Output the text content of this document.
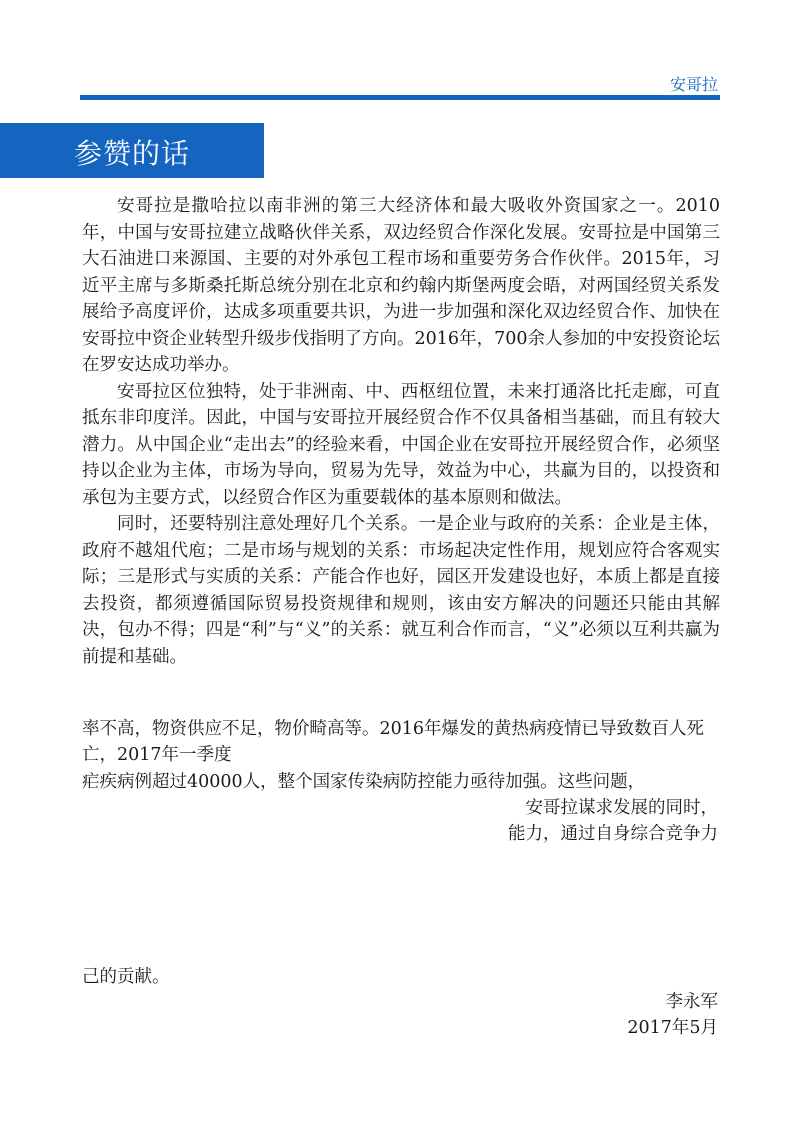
安哥拉
参赞的话

安哥拉是撒哈拉以南非洲的第三大经济体和最大吸收外资国家之一。2010年，中国与安哥拉建立战略伙伴关系，双边经贸合作深化发展。安哥拉是中国第三大石油进口来源国、主要的对外承包工程市场和重要劳务合作伙伴。2015年，习近平主席与多斯桑托斯总统分别在北京和约翰内斯堡两度会晤，对两国经贸关系发展给予高度评价，达成多项重要共识，为进一步加强和深化双边经贸合作、加快在安哥拉中资企业转型升级步伐指明了方向。2016年，700余人参加的中安投资论坛在罗安达成功举办。

安哥拉区位独特，处于非洲南、中、西枢纽位置，未来打通洛比托走廊，可直抵东非印度洋。因此，中国与安哥拉开展经贸合作不仅具备相当基础，而且有较大潜力。从中国企业“走出去”的经验来看，中国企业在安哥拉开展经贸合作，必须坚持以企业为主体，市场为导向，贸易为先导，效益为中心，共赢为目的，以投资和承包为主要方式，以经贸合作区为重要载体的基本原则和做法。

同时，还要特别注意处理好几个关系。一是企业与政府的关系：企业是主体，政府不越俎代庖；二是市场与规划的关系：市场起决定性作用，规划应符合客观实际；三是形式与实质的关系：产能合作也好，园区开发建设也好，本质上都是直接去投资，都须遵循国际贸易投资规律和规则，该由安方解决的问题还只能由其解决，包办不得；四是“利”与“义”的关系：就互利合作而言，“义”必须以互利共赢为前提和基础。

率不高，物资供应不足，物价畸高等。2016年爆发的黄热病疫情已导致数百人死亡，2017年一季度
疟疾病例超过40000人，整个国家传染病防控能力亟待加强。这些问题，
安哥拉谋求发展的同时，
能力，通过自身综合竞争力
己的贡献。
李永军
2017年5月
